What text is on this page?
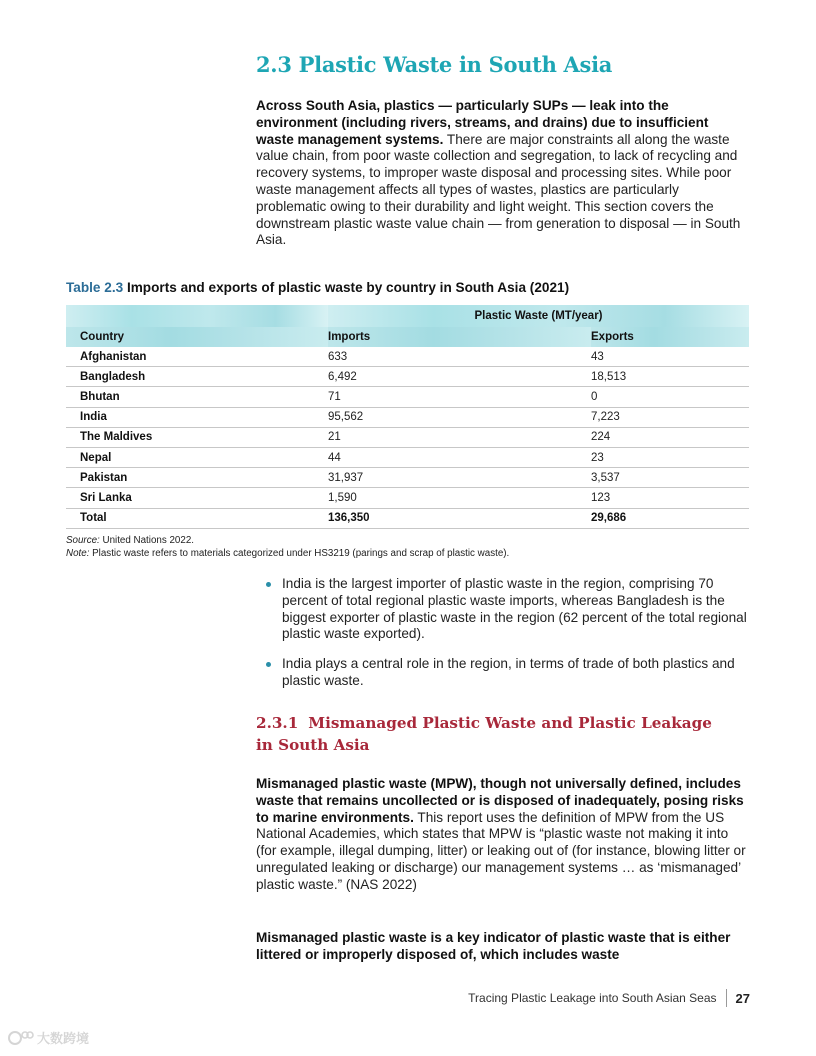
2.3 Plastic Waste in South Asia

Across South Asia, plastics — particularly SUPs — leak into the environment (including rivers, streams, and drains) due to insufficient waste management systems. There are major constraints all along the waste value chain, from poor waste collection and segregation, to lack of recycling and recovery systems, to improper waste disposal and processing sites. While poor waste management affects all types of wastes, plastics are particularly problematic owing to their durability and light weight. This section covers the downstream plastic waste value chain — from generation to disposal — in South Asia.

Table 2.3 Imports and exports of plastic waste by country in South Asia (2021)

	Plastic Waste (MT/year)	
Country	Imports	Exports
Afghanistan	633	43
Bangladesh	6,492	18,513
Bhutan	71	0
India	95,562	7,223
The Maldives	21	224
Nepal	44	23
Pakistan	31,937	3,537
Sri Lanka	1,590	123
Total	136,350	29,686
Source: United Nations 2022.
Note: Plastic waste refers to materials categorized under HS3219 (parings and scrap of plastic waste).
India is the largest importer of plastic waste in the region, comprising 70 percent of total regional plastic waste imports, whereas Bangladesh is the biggest exporter of plastic waste in the region (62 percent of the total regional plastic waste exported).
India plays a central role in the region, in terms of trade of both plastics and plastic waste.
2.3.1 Mismanaged Plastic Waste and Plastic Leakage in South Asia

Mismanaged plastic waste (MPW), though not universally defined, includes waste that remains uncollected or is disposed of inadequately, posing risks to marine environments. This report uses the definition of MPW from the US National Academies, which states that MPW is “plastic waste not making it into (for example, illegal dumping, litter) or leaking out of (for instance, blowing litter or unregulated leaking or discharge) our management systems … as ‘mismanaged’ plastic waste.” (NAS 2022)

Mismanaged plastic waste is a key indicator of plastic waste that is either littered or improperly disposed of, which includes waste

Tracing Plastic Leakage into South Asian Seas 27
大数跨境
